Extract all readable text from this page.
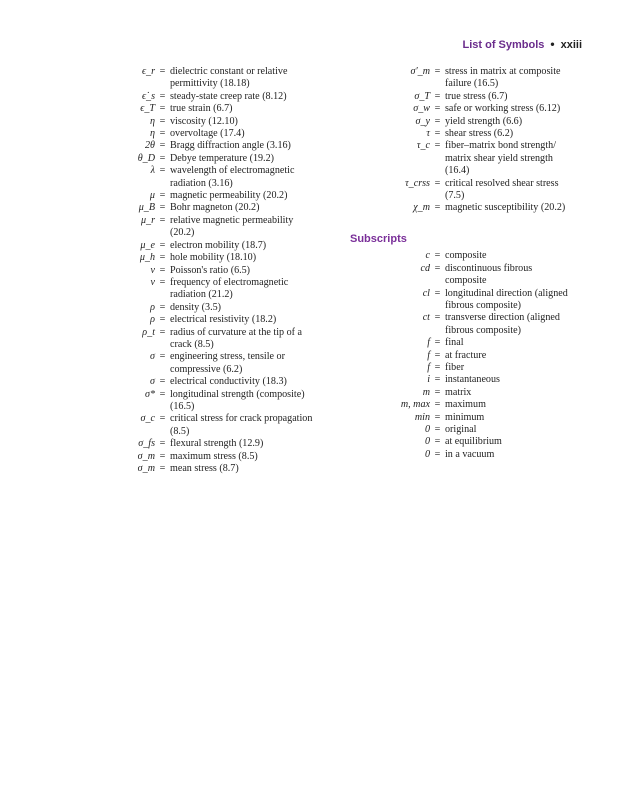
List of Symbols • xxiii
ϵ_r = dielectric constant or relative permittivity (18.18)
ϵ̇_s = steady-state creep rate (8.12)
ϵ_T = true strain (6.7)
η = viscosity (12.10)
η = overvoltage (17.4)
2θ = Bragg diffraction angle (3.16)
θ_D = Debye temperature (19.2)
λ = wavelength of electromagnetic radiation (3.16)
μ = magnetic permeability (20.2)
μ_B = Bohr magneton (20.2)
μ_r = relative magnetic permeability (20.2)
μ_e = electron mobility (18.7)
μ_h = hole mobility (18.10)
ν = Poisson's ratio (6.5)
ν = frequency of electromagnetic radiation (21.2)
ρ = density (3.5)
ρ = electrical resistivity (18.2)
ρ_t = radius of curvature at the tip of a crack (8.5)
σ = engineering stress, tensile or compressive (6.2)
σ = electrical conductivity (18.3)
σ* = longitudinal strength (composite) (16.5)
σ_c = critical stress for crack propagation (8.5)
σ_fs = flexural strength (12.9)
σ_m = maximum stress (8.5)
σ_m = mean stress (8.7)
σ′_m = stress in matrix at composite failure (16.5)
σ_T = true stress (6.7)
σ_w = safe or working stress (6.12)
σ_y = yield strength (6.6)
τ = shear stress (6.2)
τ_c = fiber–matrix bond strength/ matrix shear yield strength (16.4)
τ_crss = critical resolved shear stress (7.5)
χ_m = magnetic susceptibility (20.2)
Subscripts
c = composite
cd = discontinuous fibrous composite
cl = longitudinal direction (aligned fibrous composite)
ct = transverse direction (aligned fibrous composite)
f = final
f = at fracture
f = fiber
i = instantaneous
m = matrix
m, max = maximum
min = minimum
0 = original
0 = at equilibrium
0 = in a vacuum
